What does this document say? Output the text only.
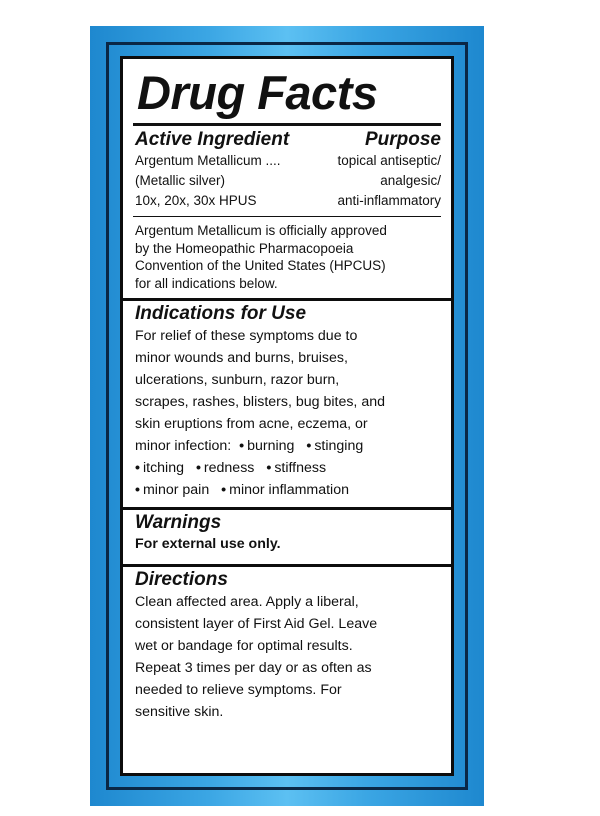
Drug Facts
Active Ingredient	Purpose
Argentum Metallicum ....	topical antiseptic/
(Metallic silver)	analgesic/
10x, 20x, 30x HPUS	anti-inflammatory
Argentum Metallicum is officially approved
by the Homeopathic Pharmacopoeia
Convention of the United States (HPCUS)
for all indications below.
Indications for Use
For relief of these symptoms due to
minor wounds and burns, bruises,
ulcerations, sunburn, razor burn,
scrapes, rashes, blisters, bug bites, and
skin eruptions from acne, eczema, or
minor infection: • burning • stinging
• itching • redness • stiffness
• minor pain • minor inflammation
Warnings
For external use only.
Directions
Clean affected area. Apply a liberal,
consistent layer of First Aid Gel. Leave
wet or bandage for optimal results.
Repeat 3 times per day or as often as
needed to relieve symptoms. For
sensitive skin.
